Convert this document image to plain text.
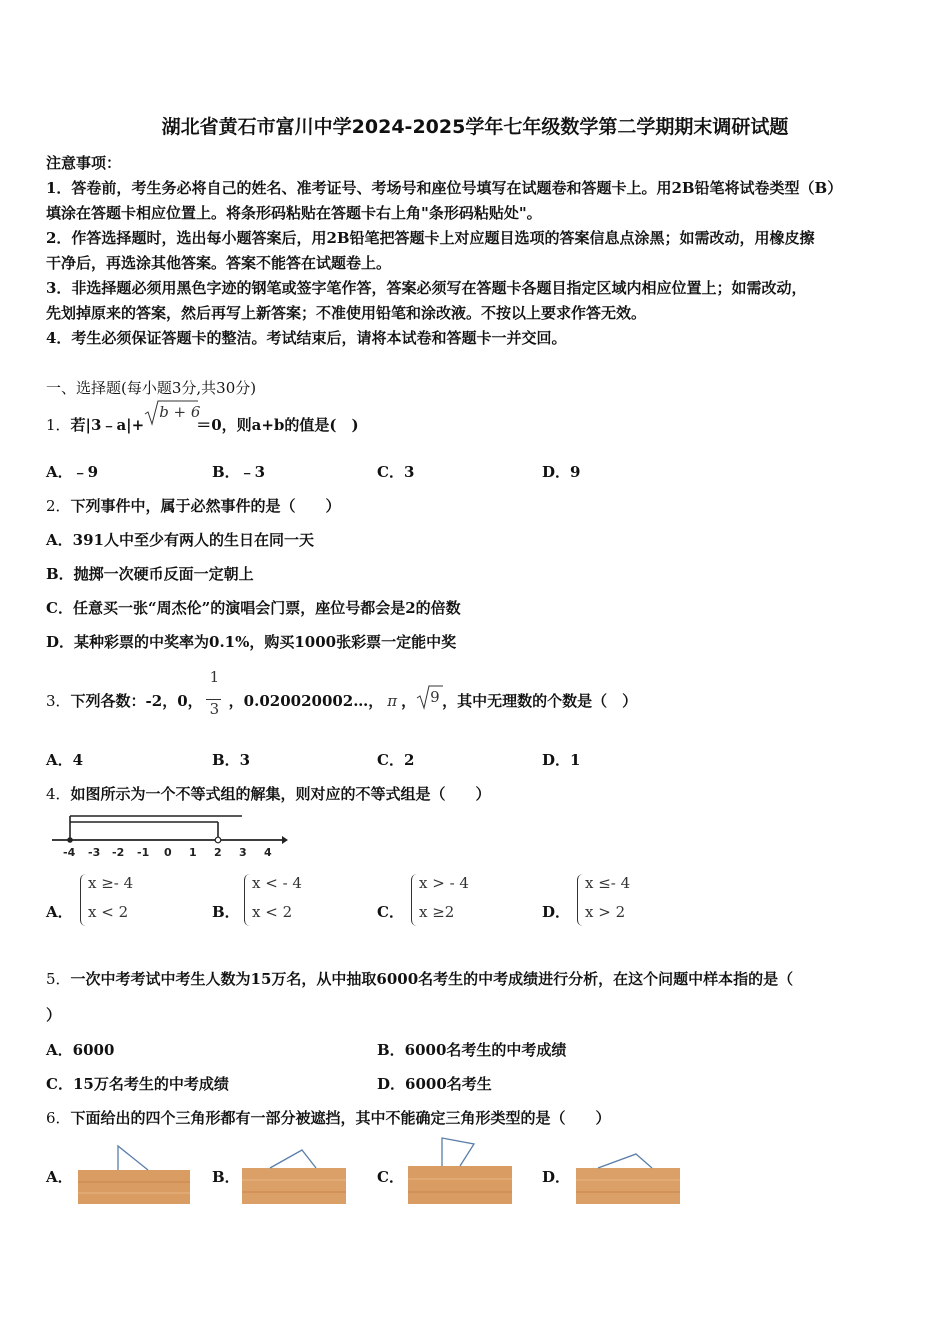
湖北省黄石市富川中学2024-2025学年七年级数学第二学期期末调研试题
注意事项：
1．答卷前，考生务必将自己的姓名、准考证号、考场号和座位号填写在试题卷和答题卡上。用2B铅笔将试卷类型（B）
填涂在答题卡相应位置上。将条形码粘贴在答题卡右上角"条形码粘贴处"。
2．作答选择题时，选出每小题答案后，用2B铅笔把答题卡上对应题目选项的答案信息点涂黑；如需改动，用橡皮擦
干净后，再选涂其他答案。答案不能答在试题卷上。
3．非选择题必须用黑色字迹的钢笔或签字笔作答，答案必须写在答题卡各题目指定区域内相应位置上；如需改动，
先划掉原来的答案，然后再写上新答案；不准使用铅笔和涂改液。不按以上要求作答无效。
4．考生必须保证答题卡的整洁。考试结束后，请将本试卷和答题卡一并交回。
一、选择题(每小题3分,共30分)
1．若|3﹣a|+
b + 6
＝0，则a+b的值是(　)
A．﹣9	B．﹣3	C．3	D．9
2．下列事件中，属于必然事件的是（　　）
A．391人中至少有两人的生日在同一天
B．抛掷一次硬币反面一定朝上
C．任意买一张“周杰伦”的演唱会门票，座位号都会是2的倍数
D．某种彩票的中奖率为0.1%，购买1000张彩票一定能中奖
3．下列各数：-2，0， $\frac{1}{3}$ ，0.020020002…， π ， 9 ，其中无理数的个数是（　）
A．4	B．3	C．2	D．1
4．如图所示为一个不等式组的解集，则对应的不等式组是（　　）
-4 -3 -2 -1 0 1 2 3 4
A．
x ≥- 4
x < 2	B．
x < - 4
x < 2	C．
x > - 4
x ≥2	D．
x ≤- 4
x > 2
5．一次中考考试中考生人数为15万名，从中抽取6000名考生的中考成绩进行分析，在这个问题中样本指的是（
）
A．6000	B．6000名考生的中考成绩
C．15万名考生的中考成绩	D．6000名考生
6．下面给出的四个三角形都有一部分被遮挡，其中不能确定三角形类型的是（　　）
A．	B．	C．	D．
